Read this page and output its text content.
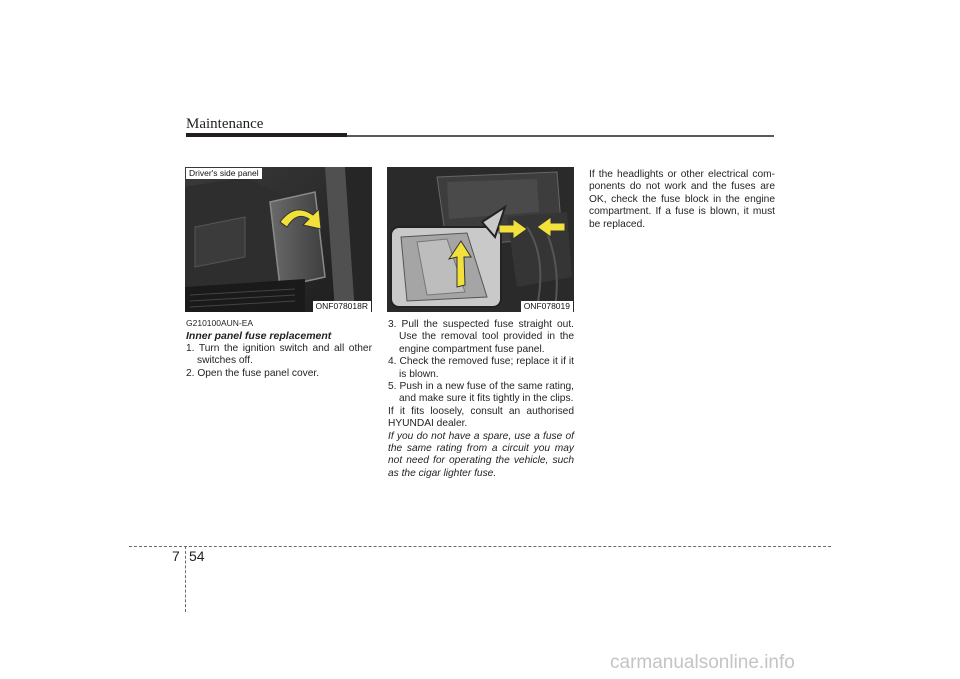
Maintenance
Driver's side panel
ONF078018R	ONF078019
G210100AUN-EA
Inner panel fuse replacement
1. Turn the ignition switch and all other switches off.
2. Open the fuse panel cover.
3. Pull the suspected fuse straight out. Use the removal tool provided in the engine compartment fuse panel.
4. Check the removed fuse; replace it if it is blown.
5. Push in a new fuse of the same rating, and make sure it fits tightly in the clips.
If it fits loosely, consult an authorised HYUNDAI dealer.
If you do not have a spare, use a fuse of the same rating from a circuit you may not need for operating the vehicle, such as the cigar lighter fuse.
If the headlights or other electrical com- ponents do not work and the fuses are OK, check the fuse block in the engine compartment. If a fuse is blown, it must be replaced.
7 54
carmanualsonline.info
